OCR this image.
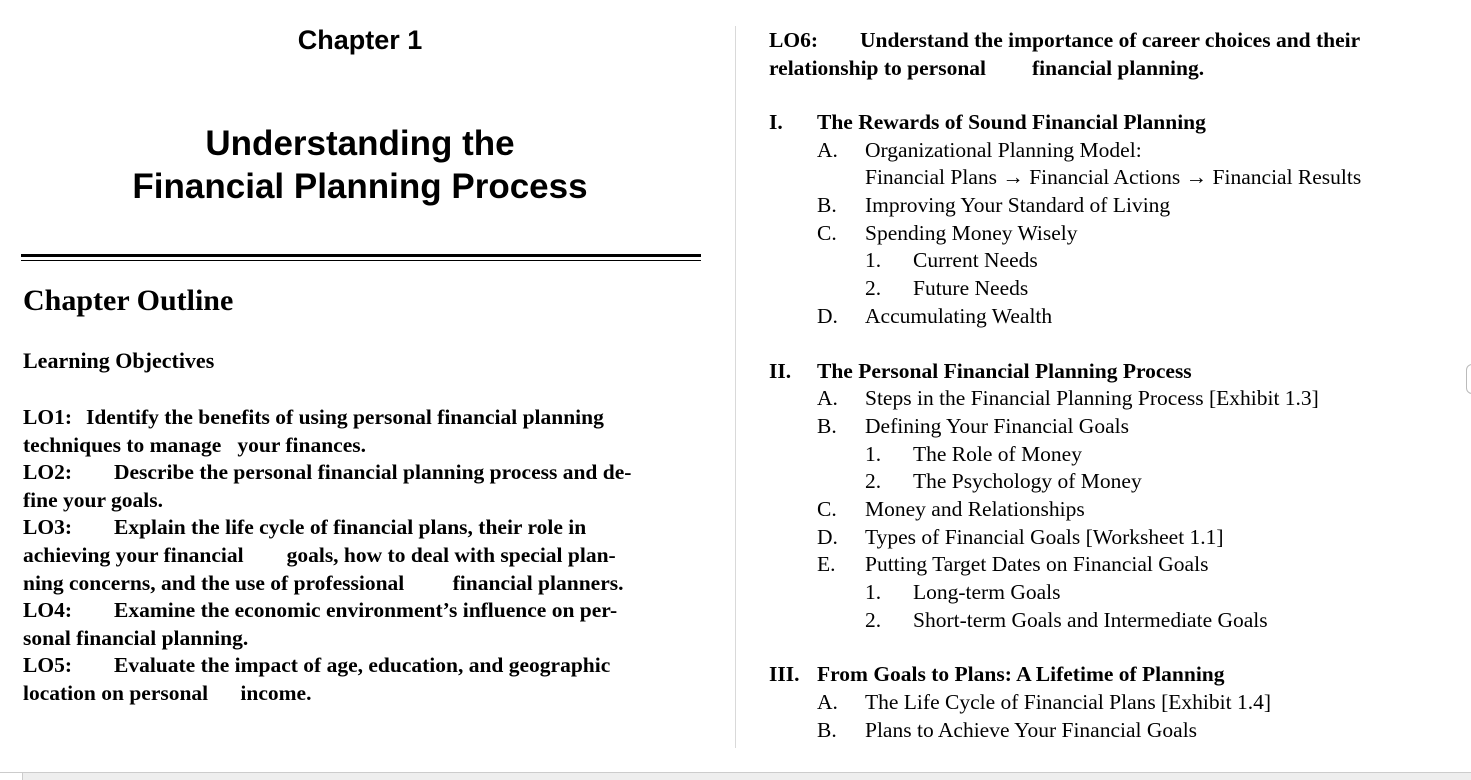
Chapter 1
Understanding the
Financial Planning Process
Chapter Outline
Learning Objectives
LO1: Identify the benefits of using personal financial planning
techniques to manage   your finances.
LO2: Describe the personal financial planning process and de-
fine your goals.
LO3: Explain the life cycle of financial plans, their role in
achieving your financial        goals, how to deal with special plan-
ning concerns, and the use of professional         financial planners.
LO4: Examine the economic environment’s influence on per-
sonal financial planning.
LO5: Evaluate the impact of age, education, and geographic
location on personal      income.
LO6: Understand the importance of career choices and their
relationship to personal financial planning.
I. The Rewards of Sound Financial Planning
A. Organizational Planning Model:
Financial Plans → Financial Actions → Financial Results
B. Improving Your Standard of Living
C. Spending Money Wisely
1. Current Needs
2. Future Needs
D. Accumulating Wealth
II. The Personal Financial Planning Process
A. Steps in the Financial Planning Process [Exhibit 1.3]
B. Defining Your Financial Goals
1. The Role of Money
2. The Psychology of Money
C. Money and Relationships
D. Types of Financial Goals [Worksheet 1.1]
E. Putting Target Dates on Financial Goals
1. Long-term Goals
2. Short-term Goals and Intermediate Goals
III. From Goals to Plans: A Lifetime of Planning
A. The Life Cycle of Financial Plans [Exhibit 1.4]
B. Plans to Achieve Your Financial Goals
